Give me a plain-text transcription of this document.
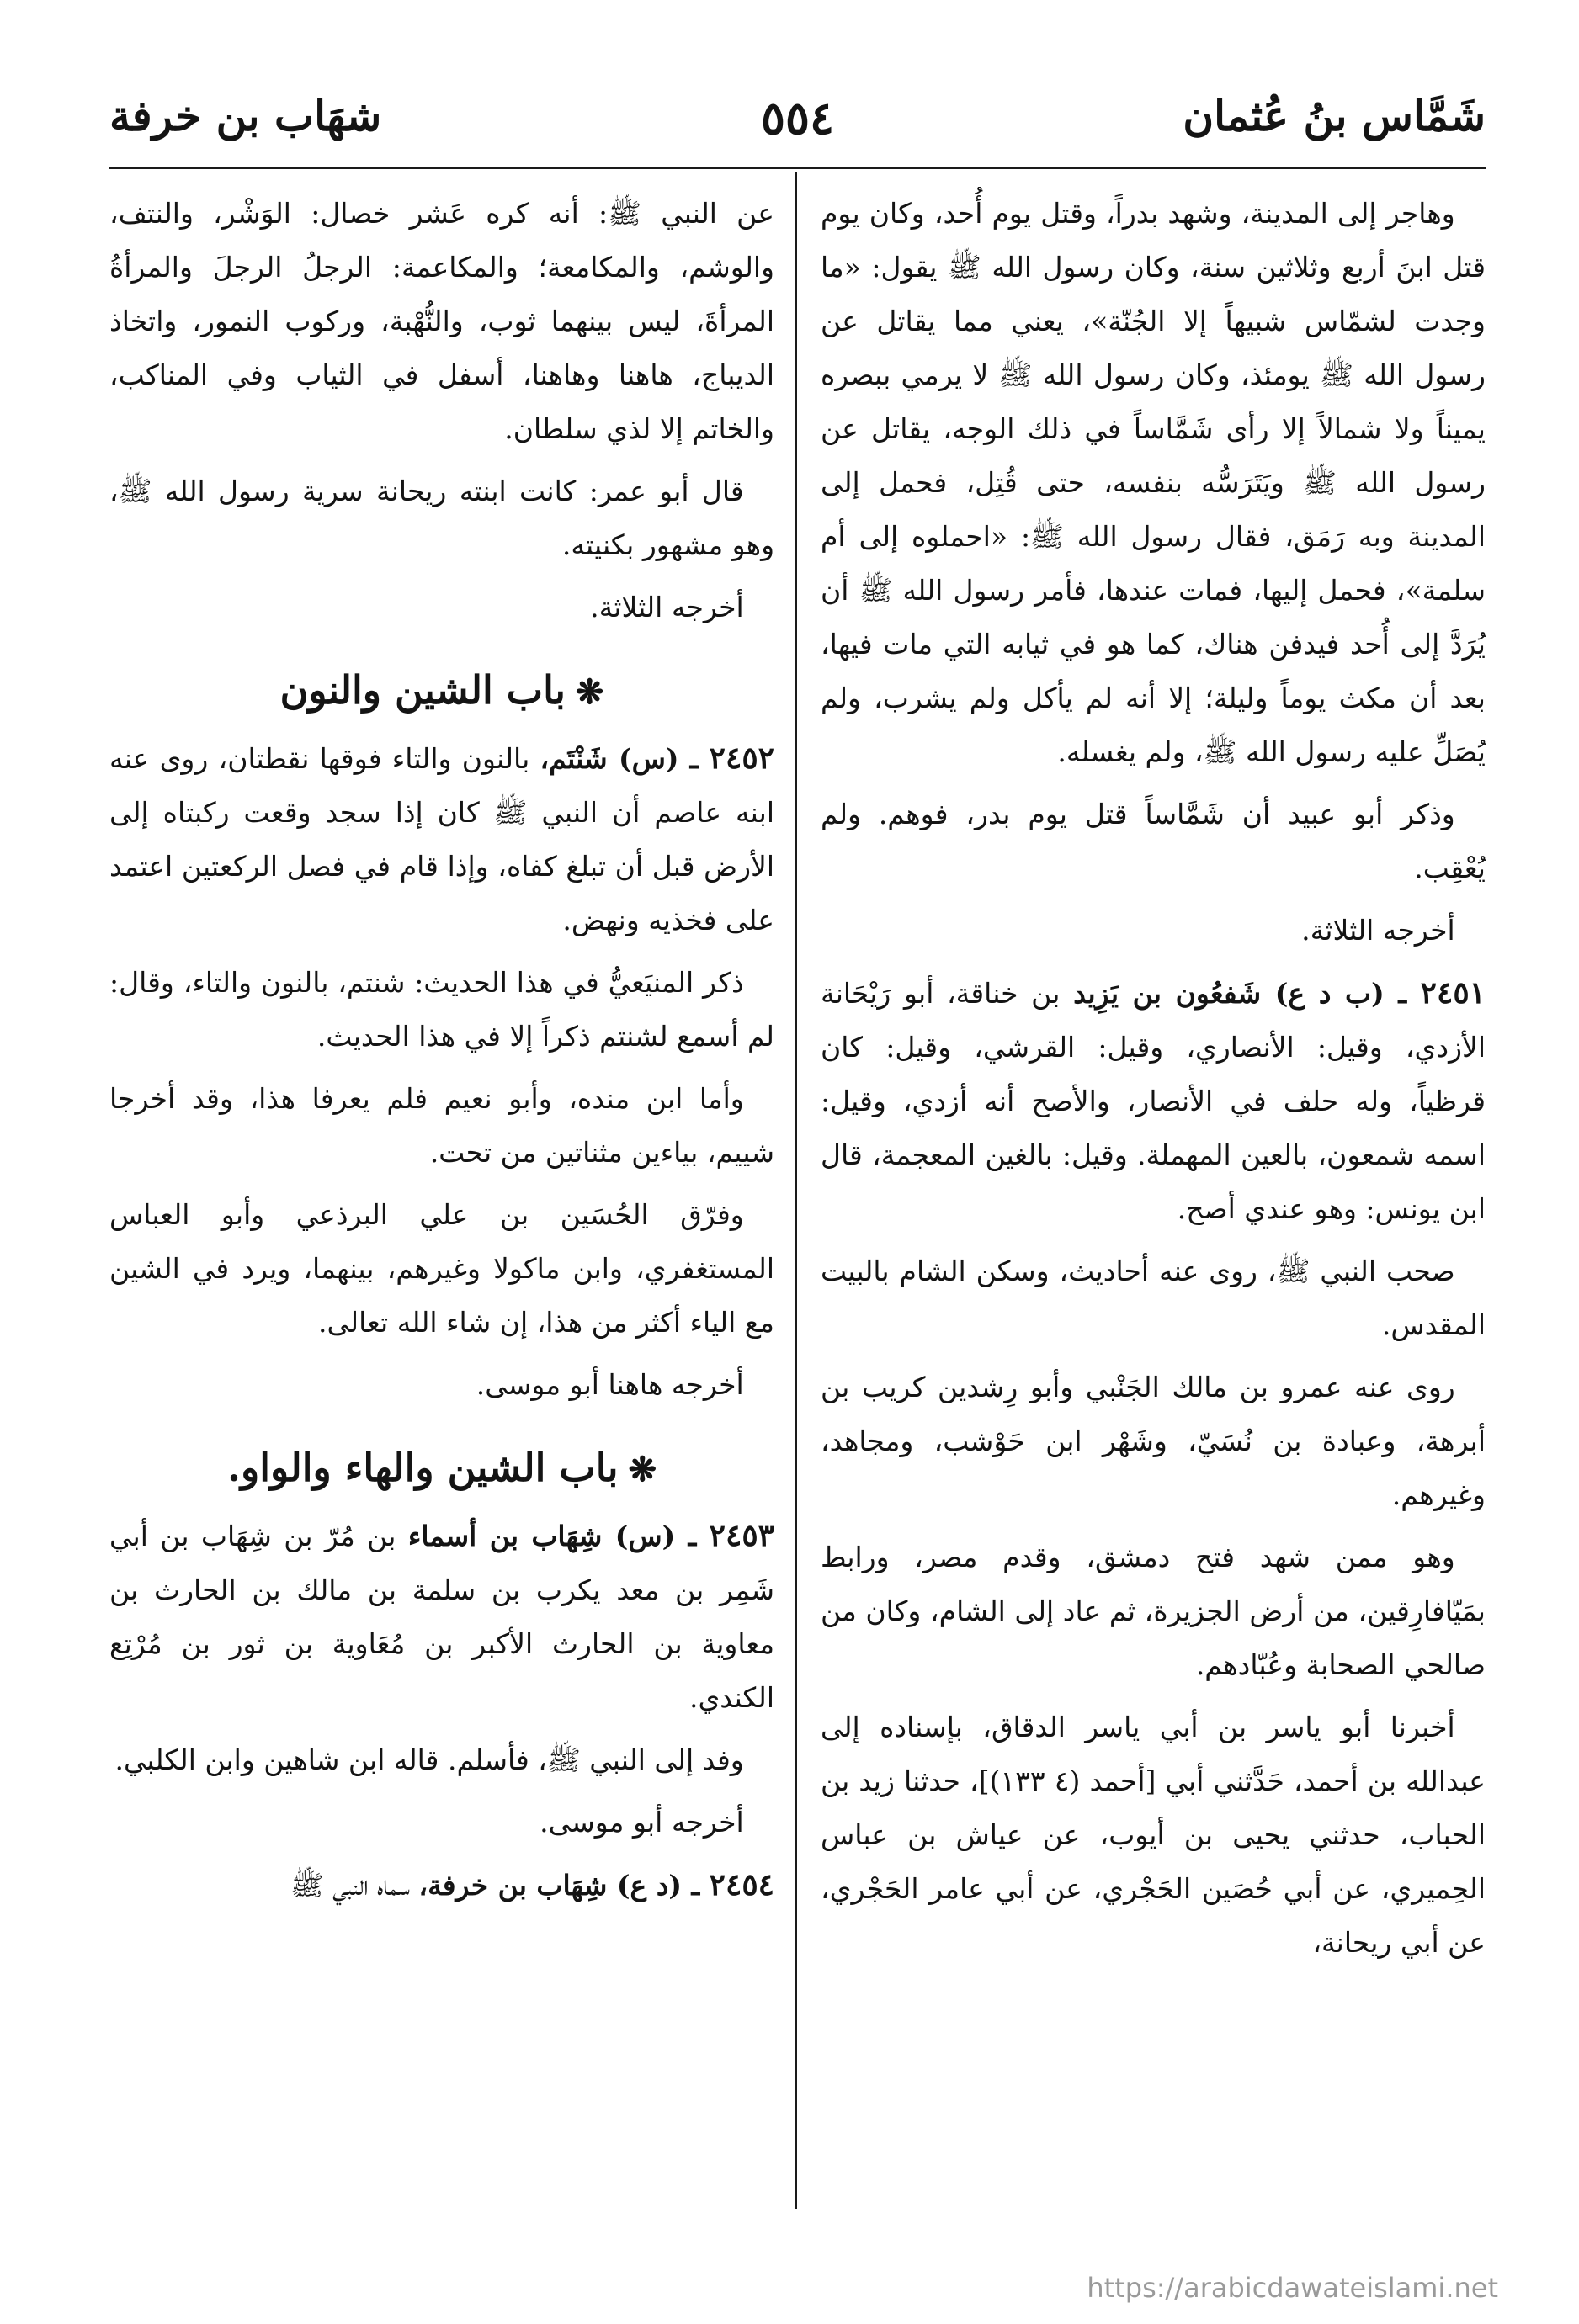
شَمَّاس بنُ عُثمان
٥٥٤
شهَاب بن خرفة

وهاجر إلى المدينة، وشهد بدراً، وقتل يوم أُحد، وكان يوم قتل ابنَ أربع وثلاثين سنة، وكان رسول الله ﷺ يقول: «ما وجدت لشمّاس شبيهاً إلا الجُنّة»، يعني مما يقاتل عن رسول الله ﷺ يومئذ، وكان رسول الله ﷺ لا يرمي ببصره يميناً ولا شمالاً إلا رأى شَمَّاساً في ذلك الوجه، يقاتل عن رسول الله ﷺ ويَتَرَسُّه بنفسه، حتى قُتِل، فحمل إلى المدينة وبه رَمَق، فقال رسول الله ﷺ: «احملوه إلى أم سلمة»، فحمل إليها، فمات عندها، فأمر رسول الله ﷺ أن يُرَدَّ إلى أُحد فيدفن هناك، كما هو في ثيابه التي مات فيها، بعد أن مكث يوماً وليلة؛ إلا أنه لم يأكل ولم يشرب، ولم يُصَلِّ عليه رسول الله ﷺ، ولم يغسله.

وذكر أبو عبيد أن شَمَّاساً قتل يوم بدر، فوهم. ولم يُعْقِب.

أخرجه الثلاثة.

٢٤٥١ ـ (ب د ع) شَفعُون بن يَزِيد بن خناقة، أبو رَيْحَانة الأزدي، وقيل: الأنصاري، وقيل: القرشي، وقيل: كان قرظياً، وله حلف في الأنصار، والأصح أنه أزدي، وقيل: اسمه شمعون، بالعين المهملة. وقيل: بالغين المعجمة، قال ابن يونس: وهو عندي أصح.

صحب النبي ﷺ، روى عنه أحاديث، وسكن الشام بالبيت المقدس.

روى عنه عمرو بن مالك الجَنْبي وأبو رِشدين كريب بن أبرهة، وعبادة بن نُسَيّ، وشَهْر ابن حَوْشب، ومجاهد، وغيرهم.

وهو ممن شهد فتح دمشق، وقدم مصر، ورابط بمَيّافارِقين، من أرض الجزيرة، ثم عاد إلى الشام، وكان من صالحي الصحابة وعُبّادهم.

أخبرنا أبو ياسر بن أبي ياسر الدقاق، بإسناده إلى عبدالله بن أحمد، حَدَّثني أبي [أحمد (٤ ١٣٣)]، حدثنا زيد بن الحباب، حدثني يحيى بن أيوب، عن عياش بن عباس الحِميري، عن أبي حُصَين الحَجْري، عن أبي عامر الحَجْري، عن أبي ريحانة،

عن النبي ﷺ: أنه كره عَشر خصال: الوَشْر، والنتف، والوشم، والمكامعة؛ والمكاعمة: الرجلُ الرجلَ والمرأةُ المرأةَ، ليس بينهما ثوب، والنُّهْبة، وركوب النمور، واتخاذ الديباج، هاهنا وهاهنا، أسفل في الثياب وفي المناكب، والخاتم إلا لذي سلطان.

قال أبو عمر: كانت ابنته ريحانة سرية رسول الله ﷺ، وهو مشهور بكنيته.

أخرجه الثلاثة.

❋باب الشين والنون

٢٤٥٢ ـ (س) شَنْتَم، بالنون والتاء فوقها نقطتان، روى عنه ابنه عاصم أن النبي ﷺ كان إذا سجد وقعت ركبتاه إلى الأرض قبل أن تبلغ كفاه، وإذا قام في فصل الركعتين اعتمد على فخذيه ونهض.

ذكر المنيَعيُّ في هذا الحديث: شنتم، بالنون والتاء، وقال: لم أسمع لشنتم ذكراً إلا في هذا الحديث.

وأما ابن منده، وأبو نعيم فلم يعرفا هذا، وقد أخرجا شييم، بياءين مثناتين من تحت.

وفرّق الحُسَين بن علي البرذعي وأبو العباس المستغفري، وابن ماكولا وغيرهم، بينهما، ويرد في الشين مع الياء أكثر من هذا، إن شاء الله تعالى.

أخرجه هاهنا أبو موسى.

❋باب الشين والهاء والواو.

٢٤٥٣ ـ (س) شِهَاب بن أسماء بن مُرّ بن شِهَاب بن أبي شَمِر بن معد يكرب بن سلمة بن مالك بن الحارث بن معاوية بن الحارث الأكبر بن مُعَاوية بن ثور بن مُرْتِع الكندي.

وفد إلى النبي ﷺ، فأسلم. قاله ابن شاهين وابن الكلبي.

أخرجه أبو موسى.

٢٤٥٤ ـ (د ع) شِهَاب بن خرفة، سماه النبي ﷺ

https://arabicdawateislami.net
